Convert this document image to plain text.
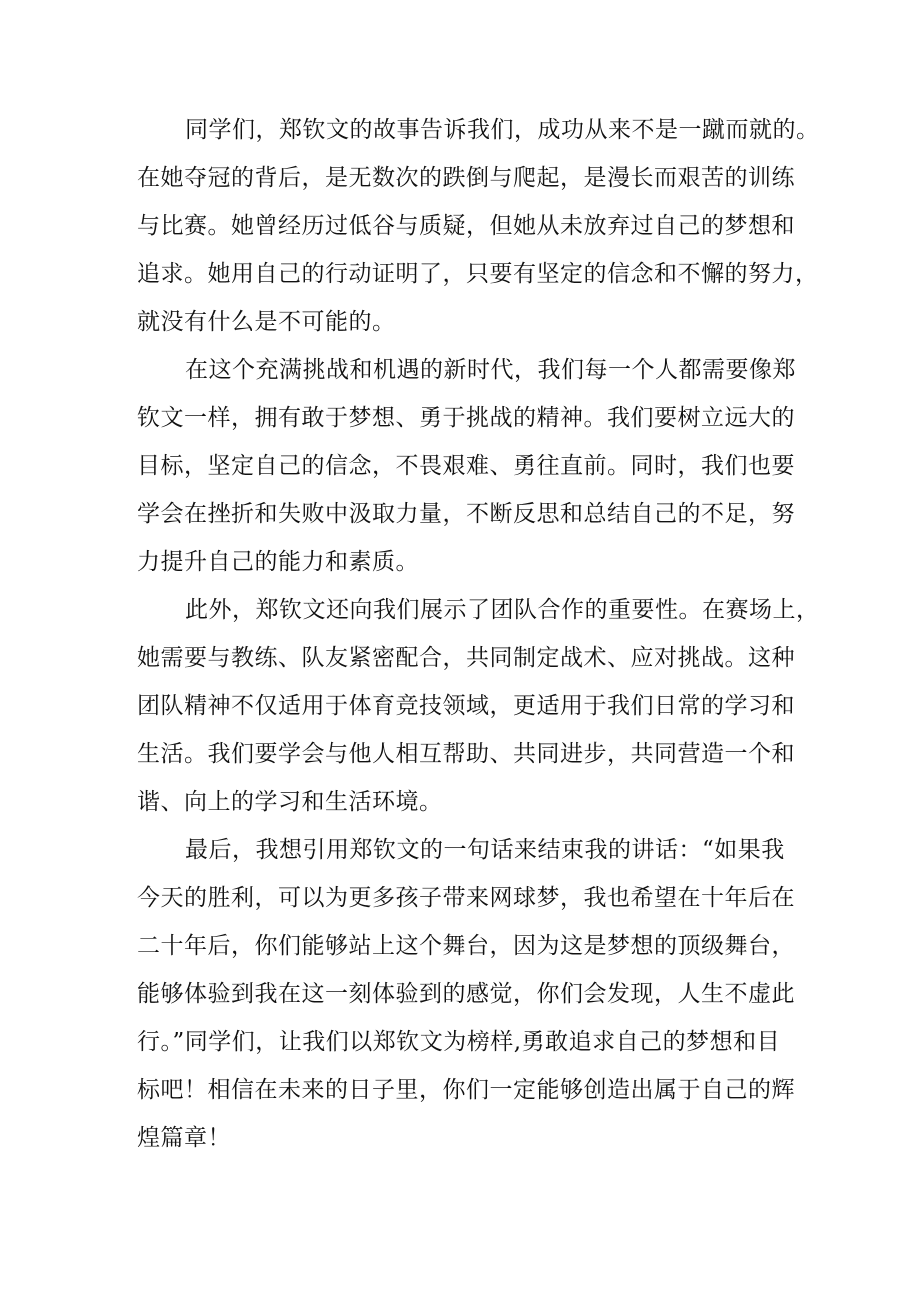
同学们，郑钦文的故事告诉我们，成功从来不是一蹴而就的。
在她夺冠的背后，是无数次的跌倒与爬起，是漫长而艰苦的训练
与比赛。她曾经历过低谷与质疑，但她从未放弃过自己的梦想和
追求。她用自己的行动证明了，只要有坚定的信念和不懈的努力，
就没有什么是不可能的。
在这个充满挑战和机遇的新时代，我们每一个人都需要像郑
钦文一样，拥有敢于梦想、勇于挑战的精神。我们要树立远大的
目标，坚定自己的信念，不畏艰难、勇往直前。同时，我们也要
学会在挫折和失败中汲取力量，不断反思和总结自己的不足，努
力提升自己的能力和素质。
此外，郑钦文还向我们展示了团队合作的重要性。在赛场上，
她需要与教练、队友紧密配合，共同制定战术、应对挑战。这种
团队精神不仅适用于体育竞技领域，更适用于我们日常的学习和
生活。我们要学会与他人相互帮助、共同进步，共同营造一个和
谐、向上的学习和生活环境。
最后，我想引用郑钦文的一句话来结束我的讲话：“如果我
今天的胜利，可以为更多孩子带来网球梦，我也希望在十年后在
二十年后，你们能够站上这个舞台，因为这是梦想的顶级舞台，
能够体验到我在这一刻体验到的感觉，你们会发现，人生不虚此
行。”同学们，让我们以郑钦文为榜样,勇敢追求自己的梦想和目
标吧！相信在未来的日子里，你们一定能够创造出属于自己的辉
煌篇章！
